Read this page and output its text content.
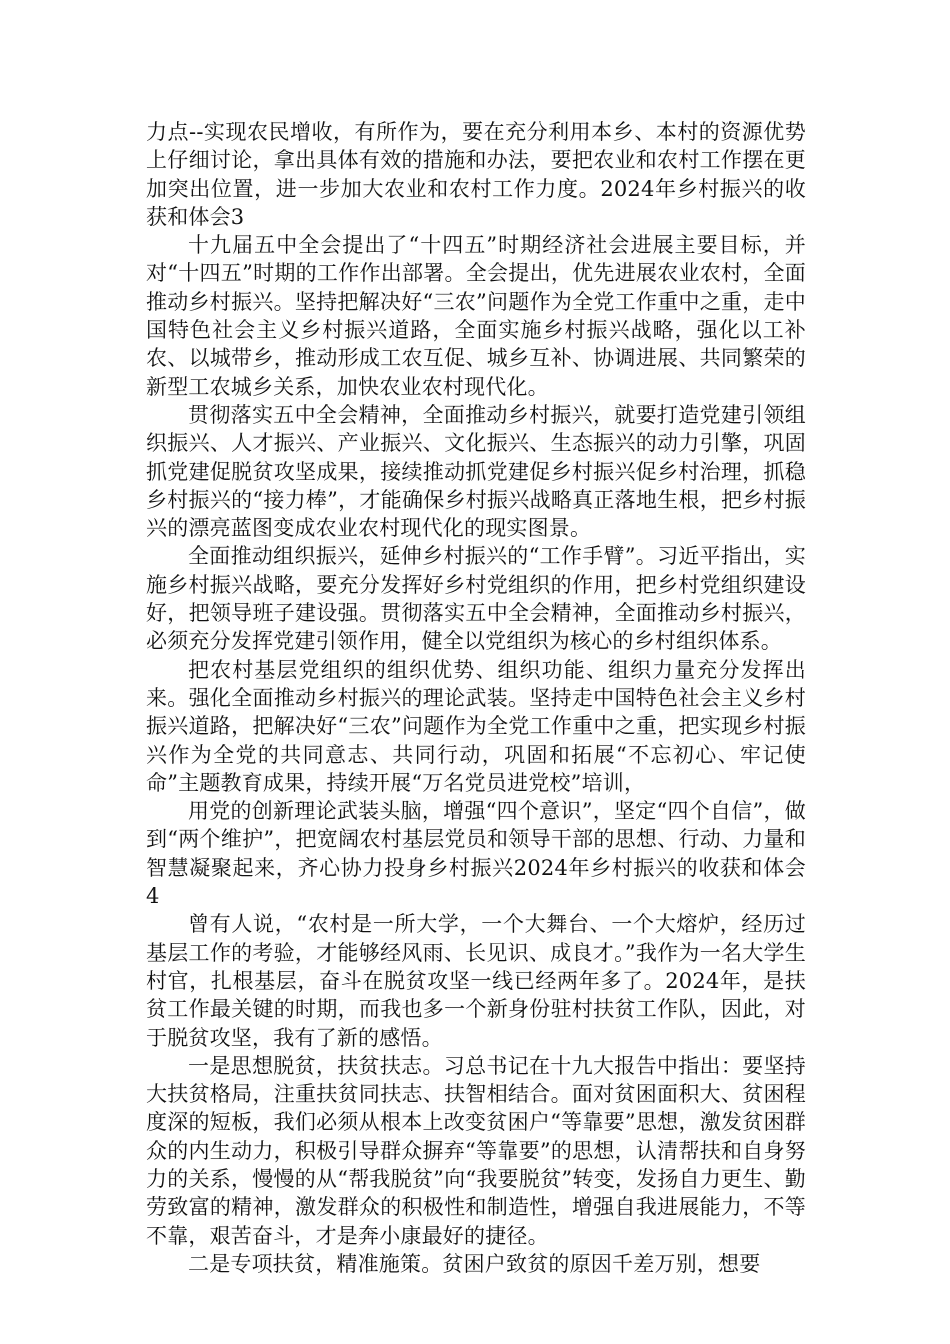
力点--实现农民增收，有所作为，要在充分利用本乡、本村的资源优势上仔细讨论，拿出具体有效的措施和办法，要把农业和农村工作摆在更加突出位置，进一步加大农业和农村工作力度。2024年乡村振兴的收获和体会3

十九届五中全会提出了“十四五”时期经济社会进展主要目标，并对“十四五”时期的工作作出部署。全会提出，优先进展农业农村，全面推动乡村振兴。坚持把解决好“三农”问题作为全党工作重中之重，走中国特色社会主义乡村振兴道路，全面实施乡村振兴战略，强化以工补农、以城带乡，推动形成工农互促、城乡互补、协调进展、共同繁荣的新型工农城乡关系，加快农业农村现代化。

贯彻落实五中全会精神，全面推动乡村振兴，就要打造党建引领组织振兴、人才振兴、产业振兴、文化振兴、生态振兴的动力引擎，巩固抓党建促脱贫攻坚成果，接续推动抓党建促乡村振兴促乡村治理，抓稳乡村振兴的“接力棒”，才能确保乡村振兴战略真正落地生根，把乡村振兴的漂亮蓝图变成农业农村现代化的现实图景。

全面推动组织振兴，延伸乡村振兴的“工作手臂”。习近平指出，实施乡村振兴战略，要充分发挥好乡村党组织的作用，把乡村党组织建设好，把领导班子建设强。贯彻落实五中全会精神，全面推动乡村振兴，必须充分发挥党建引领作用，健全以党组织为核心的乡村组织体系。

把农村基层党组织的组织优势、组织功能、组织力量充分发挥出来。强化全面推动乡村振兴的理论武装。坚持走中国特色社会主义乡村振兴道路，把解决好“三农”问题作为全党工作重中之重，把实现乡村振兴作为全党的共同意志、共同行动，巩固和拓展“不忘初心、牢记使命”主题教育成果，持续开展“万名党员进党校”培训，

用党的创新理论武装头脑，增强“四个意识”，坚定“四个自信”，做到“两个维护”，把宽阔农村基层党员和领导干部的思想、行动、力量和智慧凝聚起来，齐心协力投身乡村振兴2024年乡村振兴的收获和体会4

曾有人说，“农村是一所大学，一个大舞台、一个大熔炉，经历过基层工作的考验，才能够经风雨、长见识、成良才。”我作为一名大学生村官，扎根基层，奋斗在脱贫攻坚一线已经两年多了。2024年，是扶贫工作最关键的时期，而我也多一个新身份驻村扶贫工作队，因此，对于脱贫攻坚，我有了新的感悟。

一是思想脱贫，扶贫扶志。习总书记在十九大报告中指出：要坚持大扶贫格局，注重扶贫同扶志、扶智相结合。面对贫困面积大、贫困程度深的短板，我们必须从根本上改变贫困户“等靠要”思想，激发贫困群众的内生动力，积极引导群众摒弃“等靠要”的思想，认清帮扶和自身努力的关系，慢慢的从“帮我脱贫”向“我要脱贫”转变，发扬自力更生、勤劳致富的精神，激发群众的积极性和制造性，增强自我进展能力，不等不靠，艰苦奋斗，才是奔小康最好的捷径。

二是专项扶贫，精准施策。贫困户致贫的原因千差万别，想要
